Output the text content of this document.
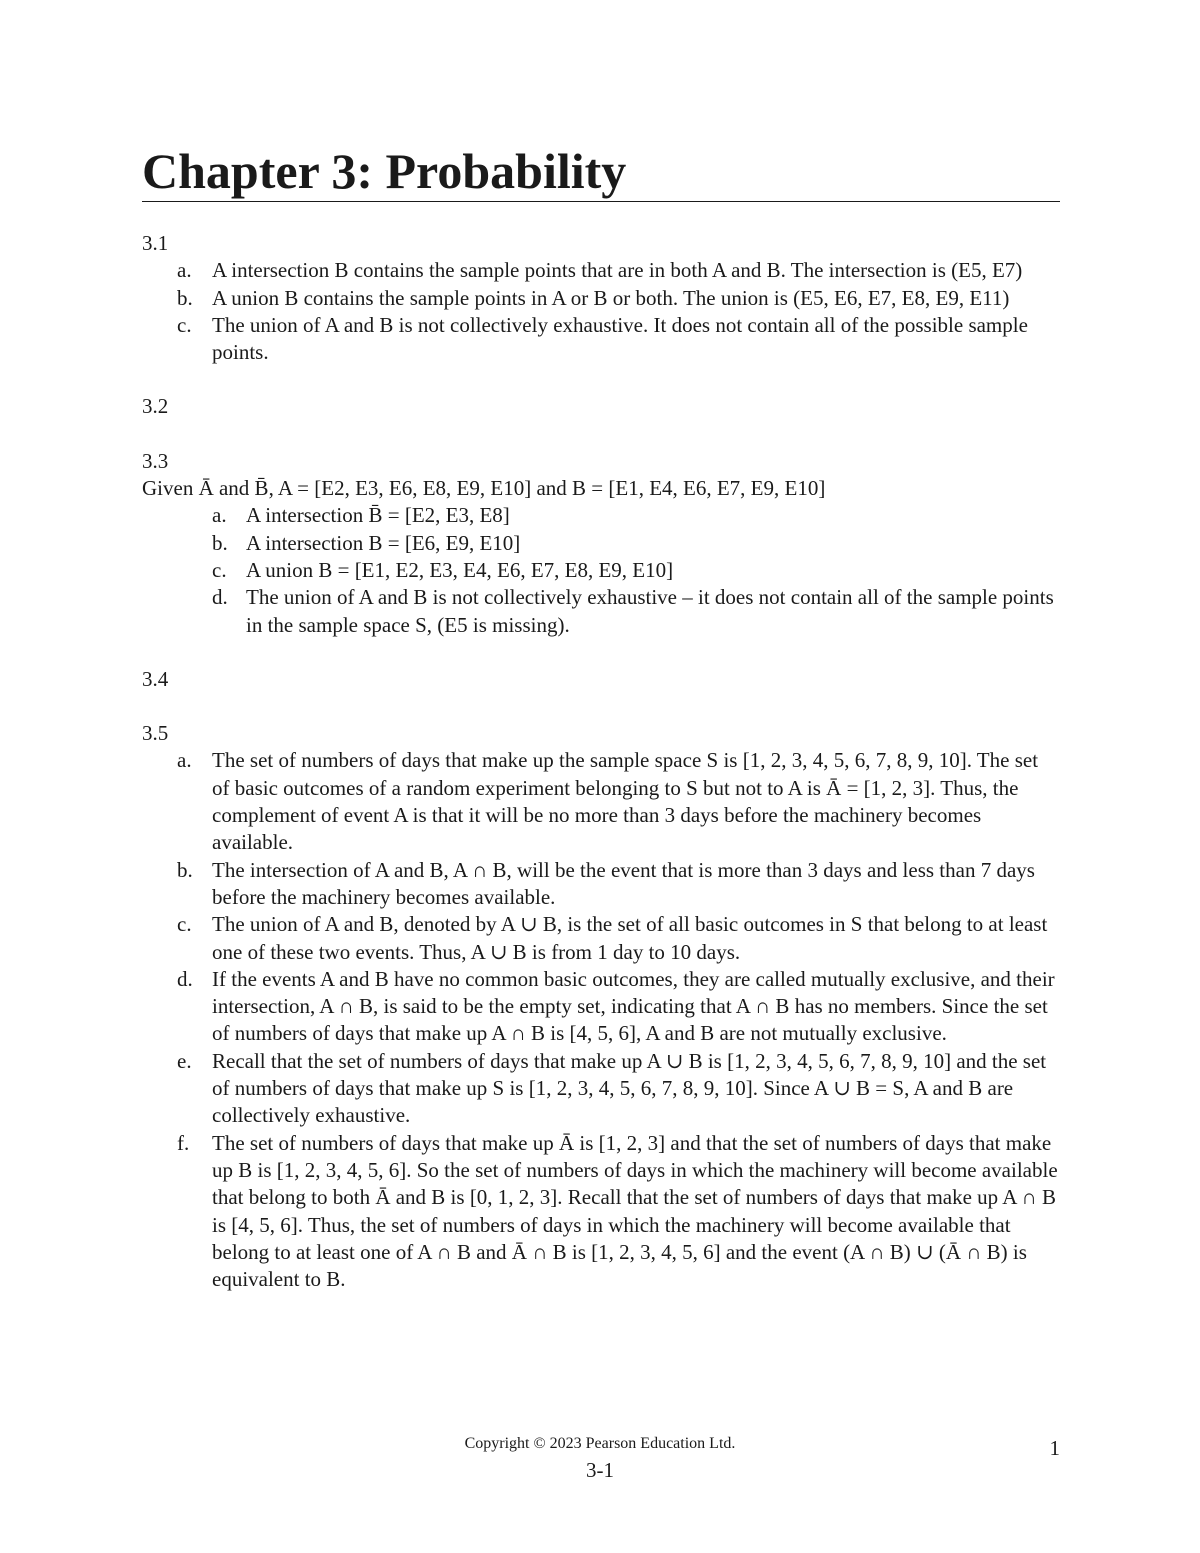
Chapter 3: Probability

3.1

a. A intersection B contains the sample points that are in both A and B. The intersection is (E5, E7)
b. A union B contains the sample points in A or B or both. The union is (E5, E6, E7, E8, E9, E11)
c. The union of A and B is not collectively exhaustive. It does not contain all of the possible sample points.

3.2

3.3

Given Ā and B̄, A = [E2, E3, E6, E8, E9, E10] and B = [E1, E4, E6, E7, E9, E10]

a. A intersection B̄ = [E2, E3, E8]
b. A intersection B = [E6, E9, E10]
c. A union B = [E1, E2, E3, E4, E6, E7, E8, E9, E10]
d. The union of A and B is not collectively exhaustive – it does not contain all of the sample points in the sample space S, (E5 is missing).

3.4

3.5

a. The set of numbers of days that make up the sample space S is [1, 2, 3, 4, 5, 6, 7, 8, 9, 10]. The set of basic outcomes of a random experiment belonging to S but not to A is Ā = [1, 2, 3]. Thus, the complement of event A is that it will be no more than 3 days before the machinery becomes available.
b. The intersection of A and B, A ∩ B, will be the event that is more than 3 days and less than 7 days before the machinery becomes available.
c. The union of A and B, denoted by A ∪ B, is the set of all basic outcomes in S that belong to at least one of these two events. Thus, A ∪ B is from 1 day to 10 days.
d. If the events A and B have no common basic outcomes, they are called mutually exclusive, and their intersection, A ∩ B, is said to be the empty set, indicating that A ∩ B has no members. Since the set of numbers of days that make up A ∩ B is [4, 5, 6], A and B are not mutually exclusive.
e. Recall that the set of numbers of days that make up A ∪ B is [1, 2, 3, 4, 5, 6, 7, 8, 9, 10] and the set of numbers of days that make up S is [1, 2, 3, 4, 5, 6, 7, 8, 9, 10]. Since A ∪ B = S, A and B are collectively exhaustive.
f. The set of numbers of days that make up Ā is [1, 2, 3] and that the set of numbers of days that make up B is [1, 2, 3, 4, 5, 6]. So the set of numbers of days in which the machinery will become available that belong to both Ā and B is [0, 1, 2, 3]. Recall that the set of numbers of days that make up A ∩ B is [4, 5, 6]. Thus, the set of numbers of days in which the machinery will become available that belong to at least one of A ∩ B and Ā ∩ B is [1, 2, 3, 4, 5, 6] and the event (A ∩ B) ∪ (Ā ∩ B) is equivalent to B.
Copyright © 2023 Pearson Education Ltd.
3-1
1
